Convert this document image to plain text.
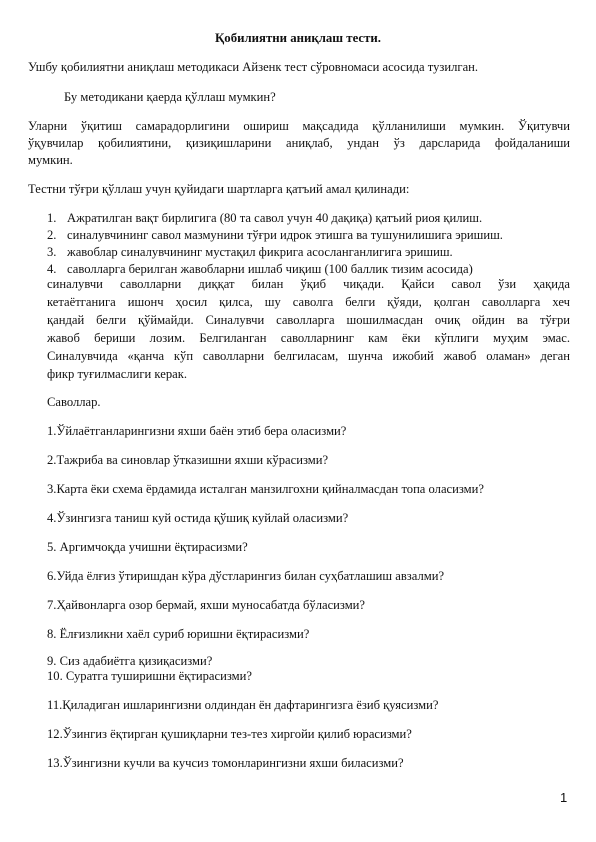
Қобилиятни аниқлаш тести.
Ушбу қобилиятни аниқлаш методикаси Айзенк тест сўровномаси асосида тузилган.
Бу методикани қаерда қўллаш мумкин?
Уларни ўқитиш самарадорлигини ошириш мақсадида қўлланилиши мумкин. Ўқитувчи
ўқувчилар қобилиятини, қизиқишларини аниқлаб, ундан ўз дарсларида фойдаланиши
мумкин.
Тестни тўғри қўллаш учун қуйидаги шартларга қатъий амал қилинади:
1. Ажратилган вақт бирлигига (80 та савол учун 40 дақиқа) қатъий риоя қилиш.
2. синалувчининг савол мазмунини тўғри идрок этишга ва тушунилишига эришиш.
3. жавоблар синалувчининг мустақил фикрига асосланганлигига эришиш.
4. саволларга берилган жавобларни ишлаб чиқиш (100 баллик тизим асосида)
синалувчи саволларни диққат билан ўқиб чиқади. Қайси савол ўзи ҳақида
кетаётганига ишонч ҳосил қилса, шу саволга белги қўяди, қолган саволларга хеч
қандай белги қўймайди. Синалувчи саволларга шошилмасдан очиқ ойдин ва тўғри
жавоб бериши лозим. Белгиланган саволларнинг кам ёки кўплиги муҳим эмас.
Синалувчида «қанча кўп саволларни белгиласам, шунча ижобий жавоб оламан» деган
фикр туғилмаслиги керак.
Саволлар.
1.Ўйлаётганларингизни яхши баён этиб бера оласизми?
2.Тажриба ва синовлар ўтказишни яхши кўрасизми?
3.Карта ёки схема ёрдамида исталган манзилгохни қийналмасдан топа оласизми?
4.Ўзингизга таниш куй остида қўшиқ куйлай оласизми?
5. Аргимчоқда учишни ёқтирасизми?
6.Уйда ёлғиз ўтиришдан кўра дўстларингиз билан суҳбатлашиш авзалми?
7.Ҳайвонларга озор бермай, яхши муносабатда бўласизми?
8. Ёлғизликни хаёл суриб юришни ёқтирасизми?
9. Сиз адабиётга қизиқасизми?
10. Суратга туширишни ёқтирасизми?
11.Қиладиган ишларингизни олдиндан ён дафтарингизга ёзиб қуясизми?
12.Ўзингиз ёқтирган қушиқларни тез-тез хиргойи қилиб юрасизми?
13.Ўзингизни кучли ва кучсиз томонларингизни яхши биласизми?
1
